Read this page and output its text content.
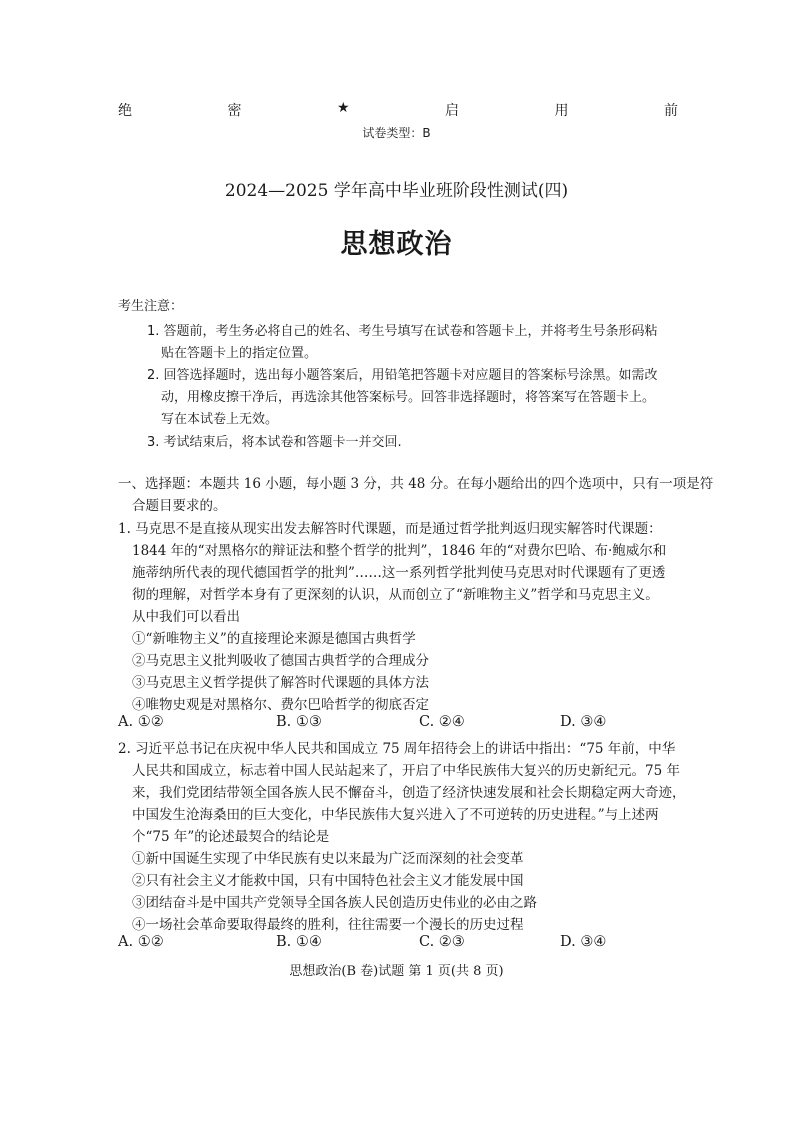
绝	密	★	启	用	前
试卷类型：B
2024—2025 学年高中毕业班阶段性测试(四)
思想政治
考生注意：
1. 答题前，考生务必将自己的姓名、考生号填写在试卷和答题卡上，并将考生号条形码粘
贴在答题卡上的指定位置。
2. 回答选择题时，选出每小题答案后，用铅笔把答题卡对应题目的答案标号涂黑。如需改
动，用橡皮擦干净后，再选涂其他答案标号。回答非选择题时，将答案写在答题卡上。
写在本试卷上无效。
3. 考试结束后，将本试卷和答题卡一并交回.
一、选择题：本题共 16 小题，每小题 3 分，共 48 分。在每小题给出的四个选项中，只有一项是符
合题目要求的。
1. 马克思不是直接从现实出发去解答时代课题，而是通过哲学批判返归现实解答时代课题：
1844 年的“对黑格尔的辩证法和整个哲学的批判”，1846 年的“对费尔巴哈、布·鲍威尔和
施蒂纳所代表的现代德国哲学的批判”……这一系列哲学批判使马克思对时代课题有了更透
彻的理解，对哲学本身有了更深刻的认识，从而创立了“新唯物主义”哲学和马克思主义。
从中我们可以看出
①“新唯物主义”的直接理论来源是德国古典哲学
②马克思主义批判吸收了德国古典哲学的合理成分
③马克思主义哲学提供了解答时代课题的具体方法
④唯物史观是对黑格尔、费尔巴哈哲学的彻底否定
A. ①②	B. ①③	C. ②④	D. ③④
2. 习近平总书记在庆祝中华人民共和国成立 75 周年招待会上的讲话中指出：“75 年前，中华
人民共和国成立，标志着中国人民站起来了，开启了中华民族伟大复兴的历史新纪元。75 年
来，我们党团结带领全国各族人民不懈奋斗，创造了经济快速发展和社会长期稳定两大奇迹，
中国发生沧海桑田的巨大变化，中华民族伟大复兴进入了不可逆转的历史进程。”与上述两
个“75 年”的论述最契合的结论是
①新中国诞生实现了中华民族有史以来最为广泛而深刻的社会变革
②只有社会主义才能救中国，只有中国特色社会主义才能发展中国
③团结奋斗是中国共产党领导全国各族人民创造历史伟业的必由之路
④一场社会革命要取得最终的胜利，往往需要一个漫长的历史过程
A. ①②	B. ①④	C. ②③	D. ③④
思想政治(B 卷)试题 第 1 页(共 8 页)
